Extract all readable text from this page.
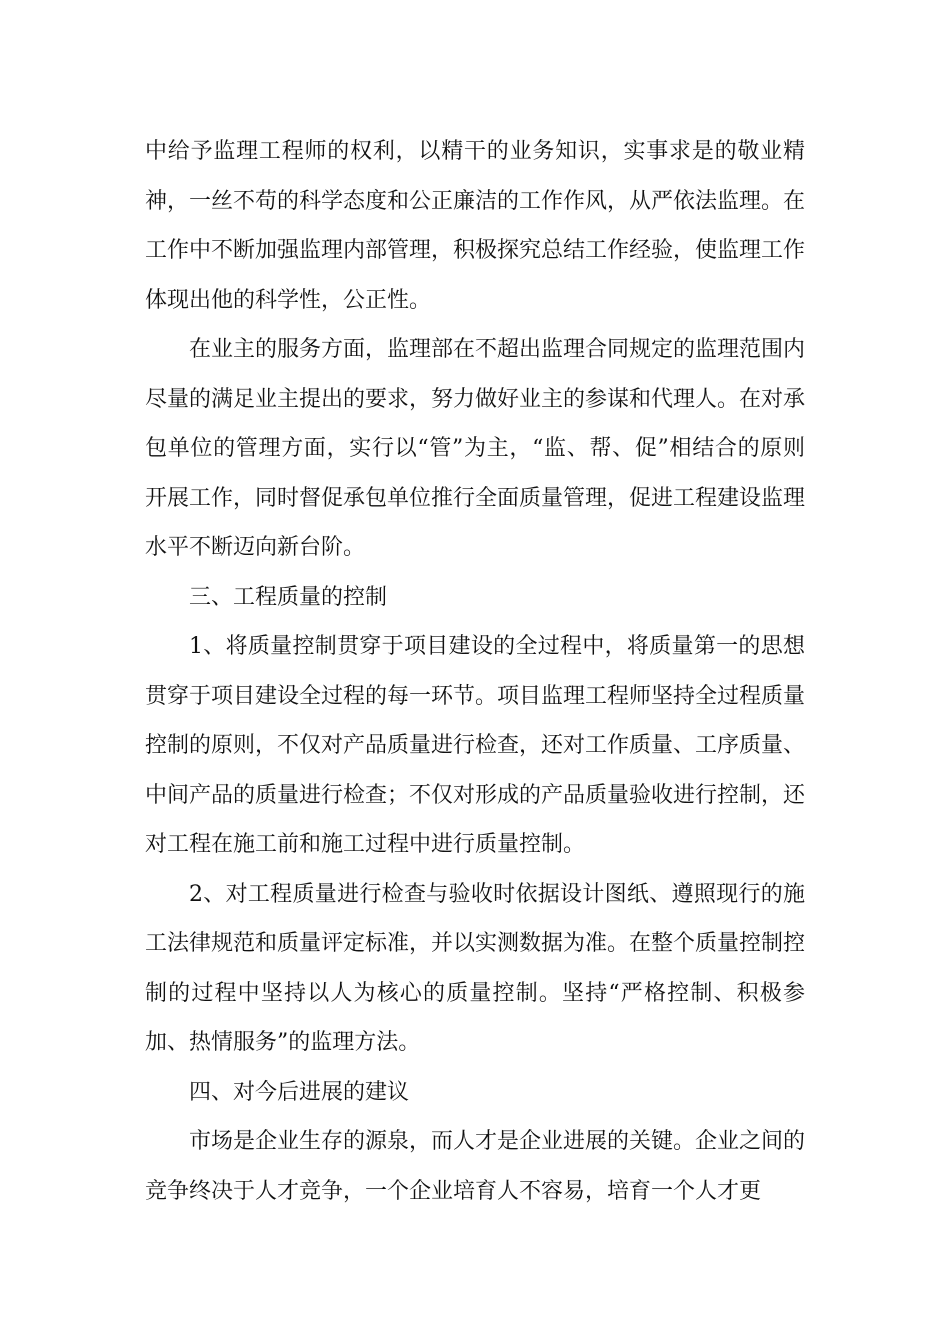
中给予监理工程师的权利，以精干的业务知识，实事求是的敬业精神，一丝不苟的科学态度和公正廉洁的工作作风，从严依法监理。在工作中不断加强监理内部管理，积极探究总结工作经验，使监理工作体现出他的科学性，公正性。

在业主的服务方面，监理部在不超出监理合同规定的监理范围内尽量的满足业主提出的要求，努力做好业主的参谋和代理人。在对承包单位的管理方面，实行以“管”为主，“监、帮、促”相结合的原则开展工作，同时督促承包单位推行全面质量管理，促进工程建设监理水平不断迈向新台阶。

三、工程质量的控制

1、将质量控制贯穿于项目建设的全过程中，将质量第一的思想贯穿于项目建设全过程的每一环节。项目监理工程师坚持全过程质量控制的原则，不仅对产品质量进行检查，还对工作质量、工序质量、中间产品的质量进行检查；不仅对形成的产品质量验收进行控制，还对工程在施工前和施工过程中进行质量控制。

2、对工程质量进行检查与验收时依据设计图纸、遵照现行的施工法律规范和质量评定标准，并以实测数据为准。在整个质量控制控制的过程中坚持以人为核心的质量控制。坚持“严格控制、积极参加、热情服务”的监理方法。

四、对今后进展的建议

市场是企业生存的源泉，而人才是企业进展的关键。企业之间的竞争终决于人才竞争，一个企业培育人不容易，培育一个人才更
